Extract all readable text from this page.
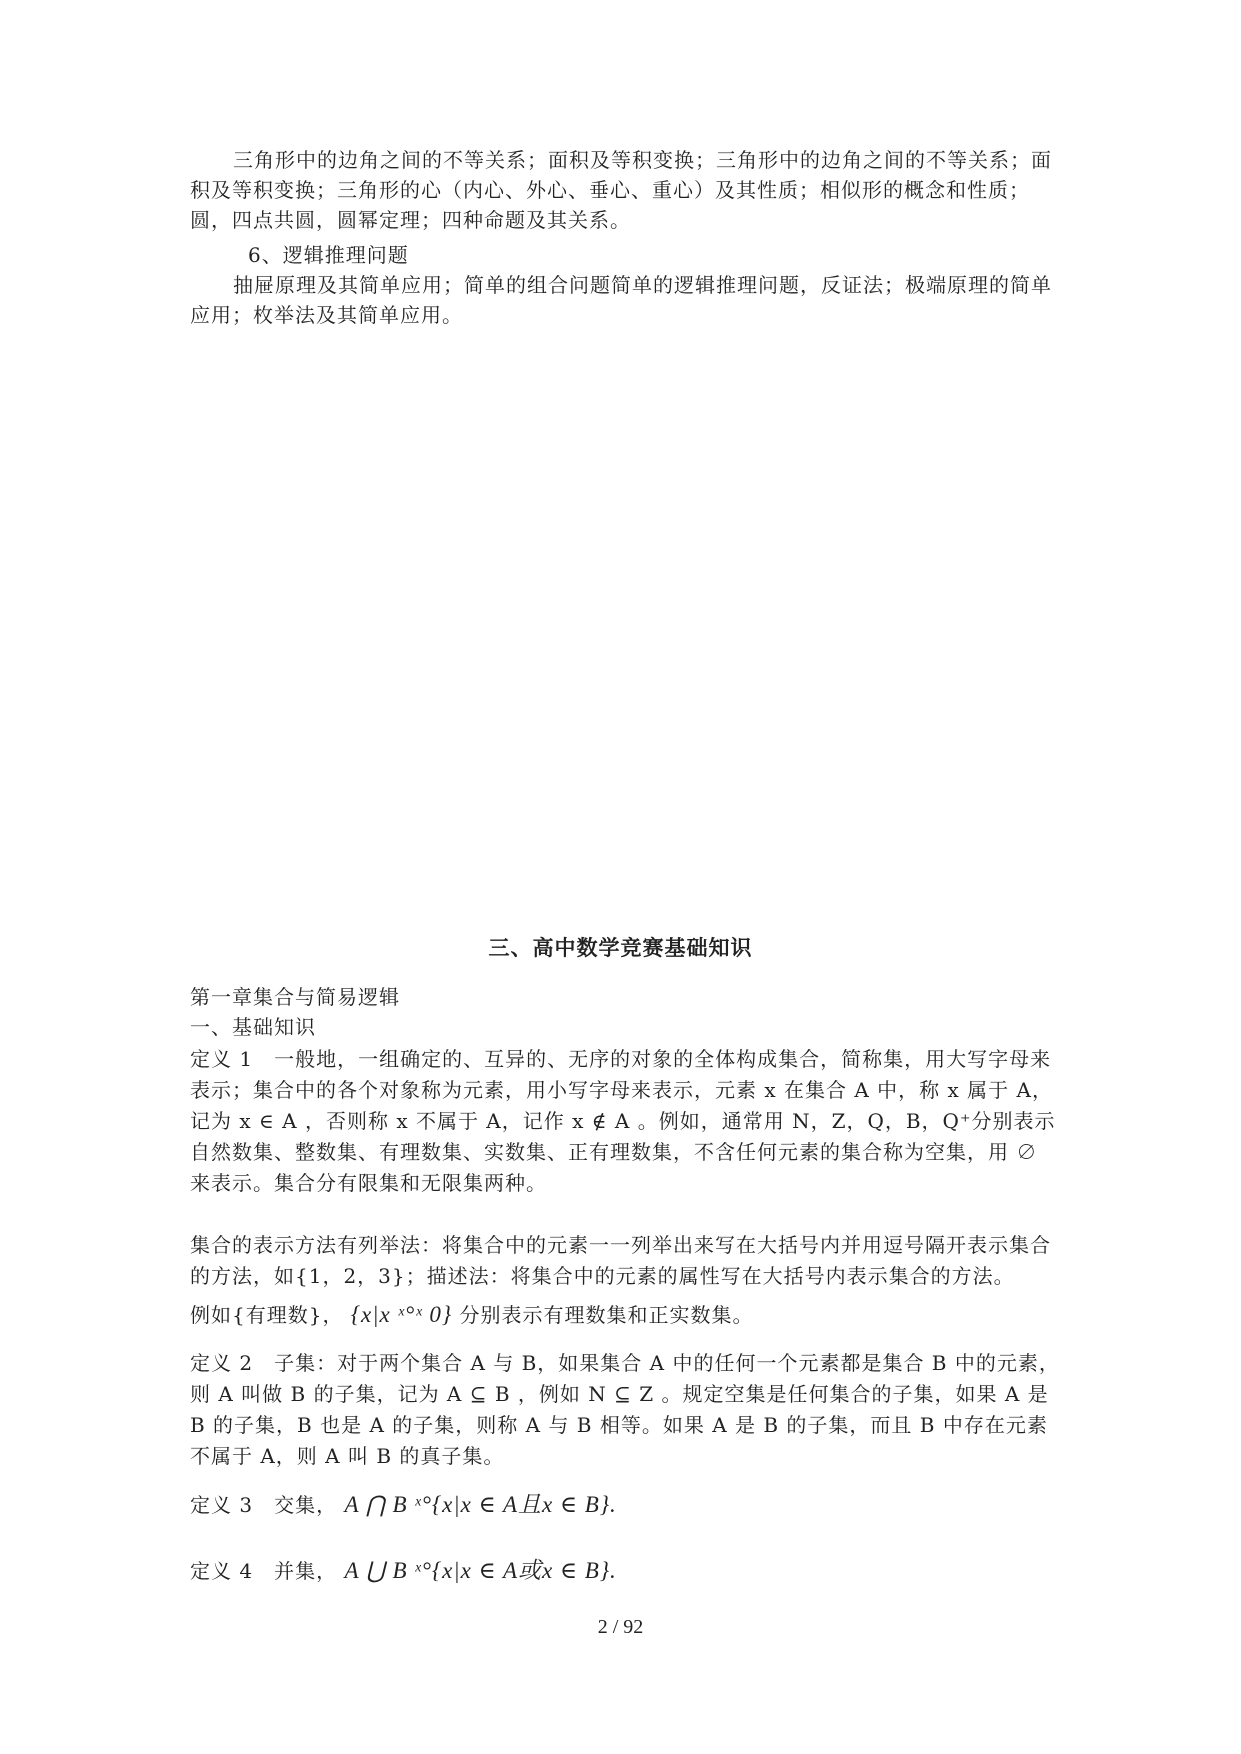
三角形中的边角之间的不等关系；面积及等积变换；三角形中的边角之间的不等关系；面积及等积变换；三角形的心（内心、外心、垂心、重心）及其性质；相似形的概念和性质；圆，四点共圆，圆幂定理；四种命题及其关系。
6、逻辑推理问题
抽屉原理及其简单应用；简单的组合问题简单的逻辑推理问题，反证法；极端原理的简单应用；枚举法及其简单应用。
三、高中数学竞赛基础知识
第一章集合与简易逻辑
一、基础知识
定义 1　一般地，一组确定的、互异的、无序的对象的全体构成集合，简称集，用大写字母来表示；集合中的各个对象称为元素，用小写字母来表示，元素 x 在集合 A 中，称 x 属于 A，记为 x ∈ A ，否则称 x 不属于 A，记作 x ∉ A 。例如，通常用 N，Z，Q，B，Q⁺分别表示自然数集、整数集、有理数集、实数集、正有理数集，不含任何元素的集合称为空集，用 ∅ 来表示。集合分有限集和无限集两种。
集合的表示方法有列举法：将集合中的元素一一列举出来写在大括号内并用逗号隔开表示集合的方法，如{1，2，3}；描述法：将集合中的元素的属性写在大括号内表示集合的方法。
例如{有理数}， {x|x ˣ°ˣ 0} 分别表示有理数集和正实数集。
定义 2　子集：对于两个集合 A 与 B，如果集合 A 中的任何一个元素都是集合 B 中的元素，则 A 叫做 B 的子集，记为 A ⊆ B ，例如 N ⊆ Z 。规定空集是任何集合的子集，如果 A 是 B 的子集，B 也是 A 的子集，则称 A 与 B 相等。如果 A 是 B 的子集，而且 B 中存在元素不属于 A，则 A 叫 B 的真子集。
定义 3　交集， A ⋂ B ˣ°{x|x ∈ A且x ∈ B}.
定义 4　并集， A ⋃ B ˣ°{x|x ∈ A或x ∈ B}.
2 / 92
